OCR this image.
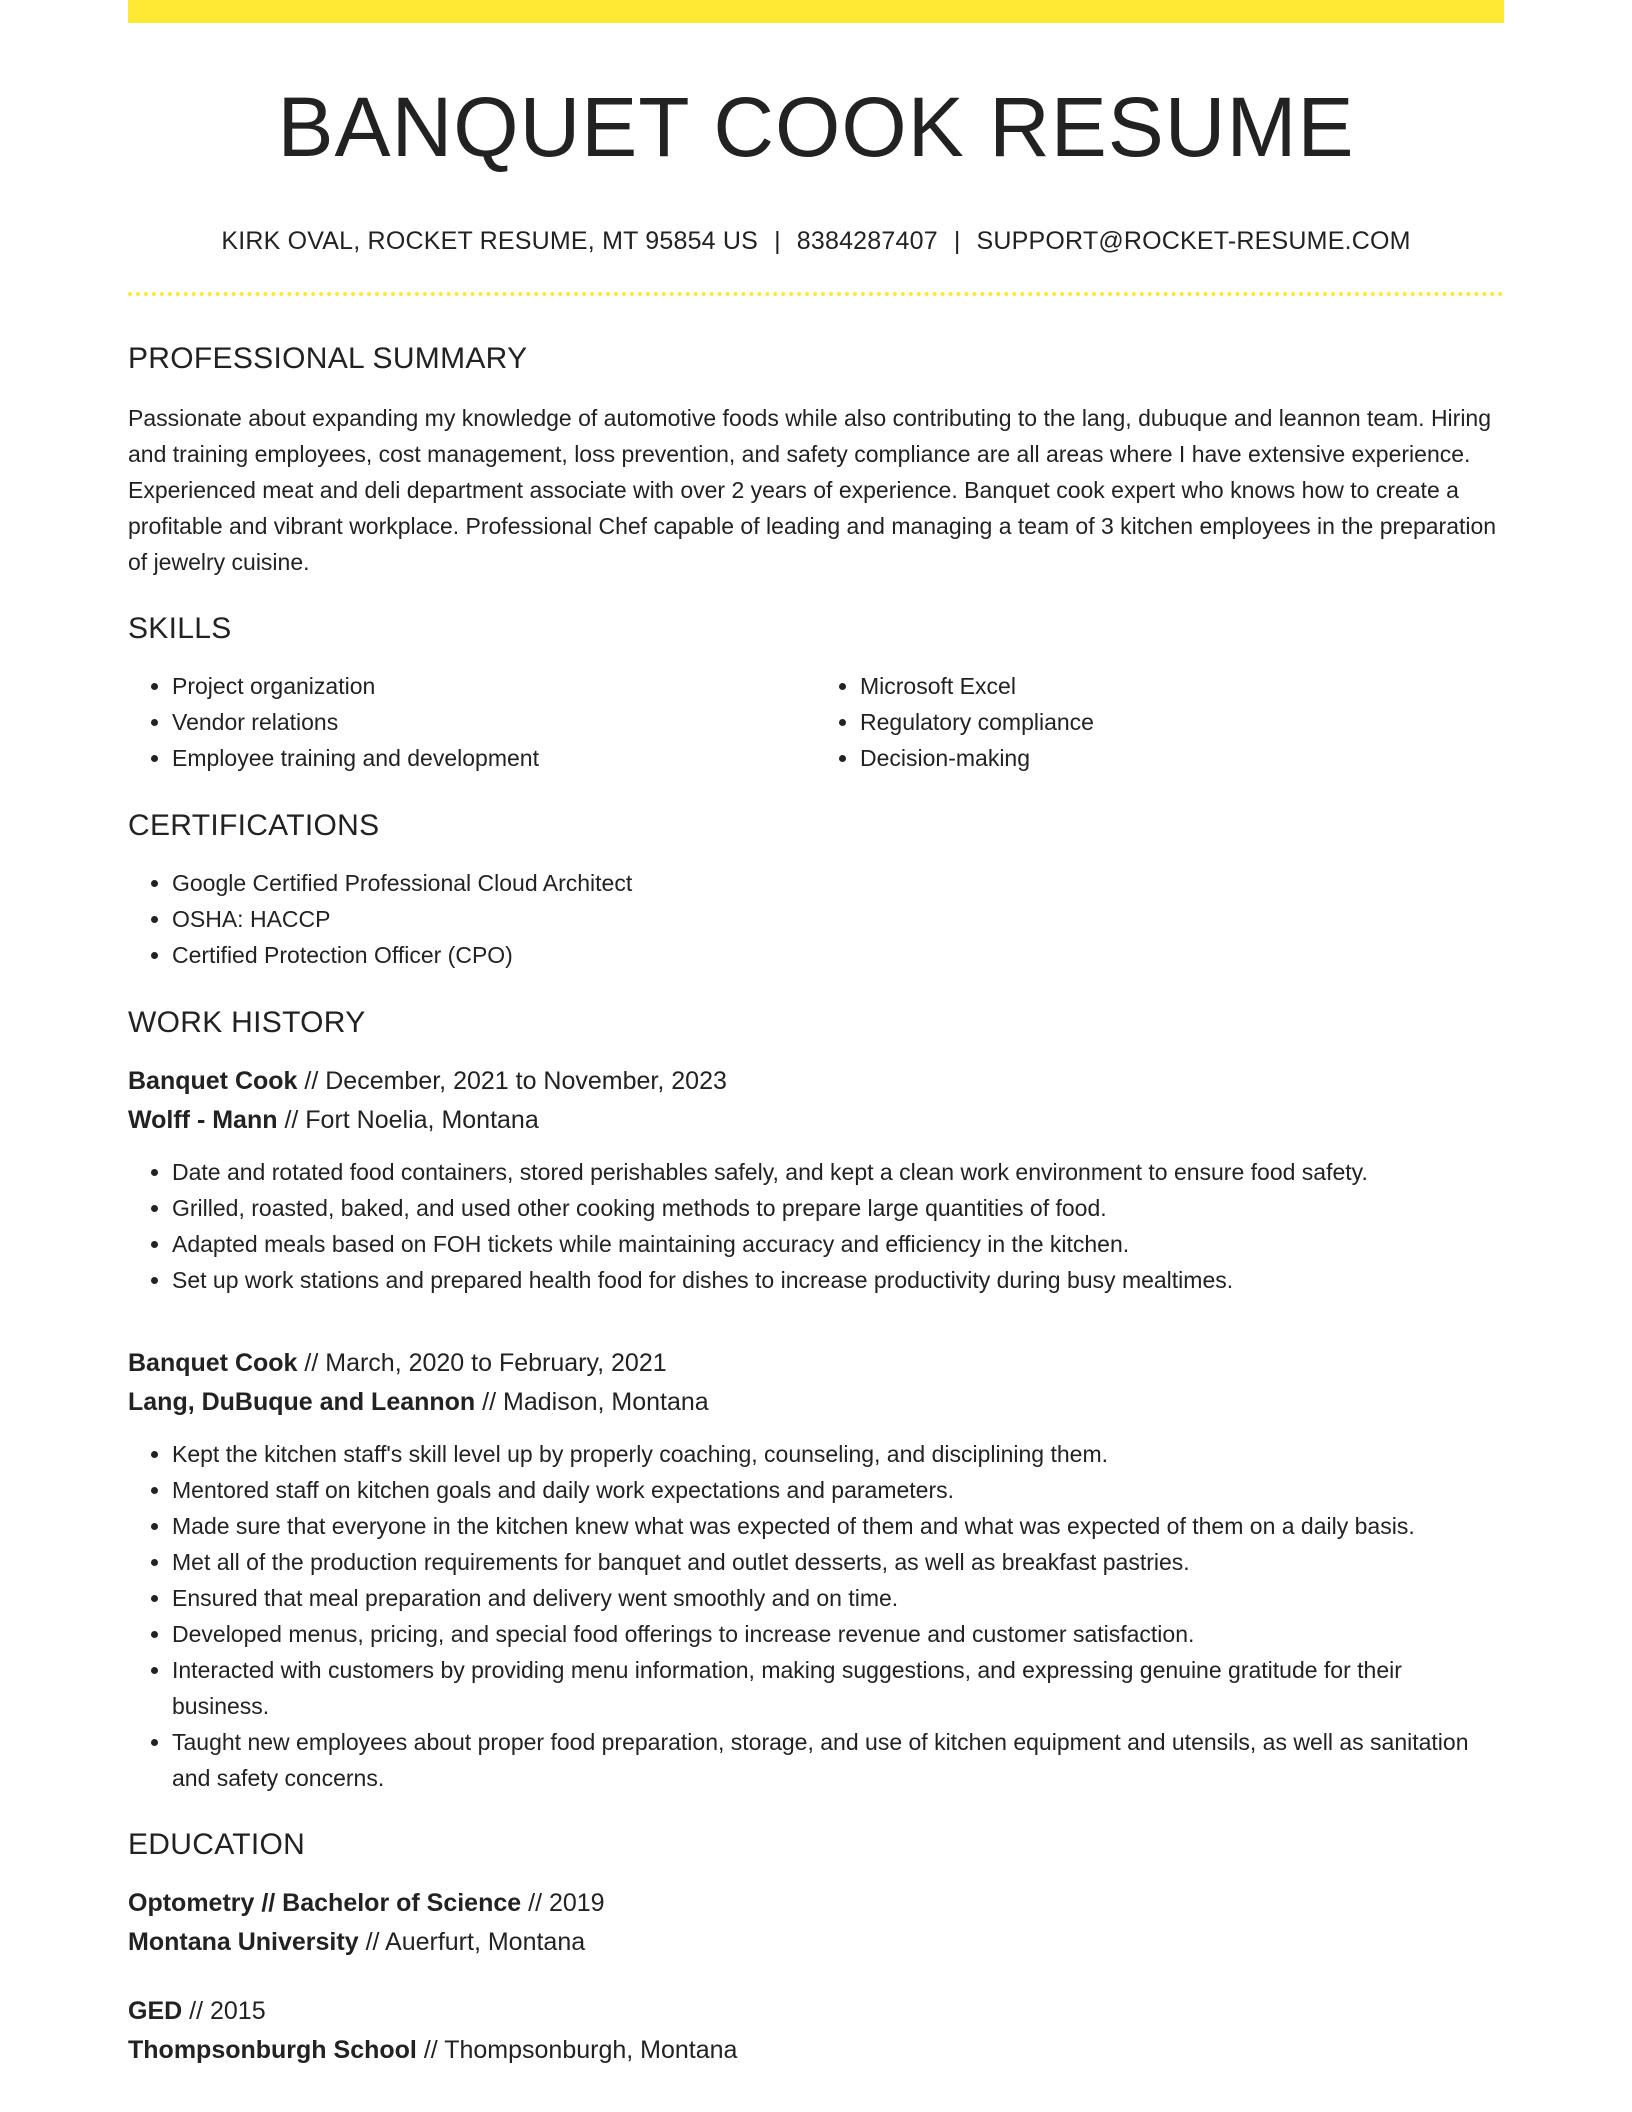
BANQUET COOK RESUME
KIRK OVAL, ROCKET RESUME, MT 95854 US | 8384287407 | SUPPORT@ROCKET-RESUME.COM
PROFESSIONAL SUMMARY

Passionate about expanding my knowledge of automotive foods while also contributing to the lang, dubuque and leannon team. Hiring and training employees, cost management, loss prevention, and safety compliance are all areas where I have extensive experience. Experienced meat and deli department associate with over 2 years of experience. Banquet cook expert who knows how to create a profitable and vibrant workplace. Professional Chef capable of leading and managing a team of 3 kitchen employees in the preparation of jewelry cuisine.

SKILLS
• Project organization
• Vendor relations
• Employee training and development
• Microsoft Excel
• Regulatory compliance
• Decision-making
CERTIFICATIONS
• Google Certified Professional Cloud Architect
• OSHA: HACCP
• Certified Protection Officer (CPO)
WORK HISTORY
Banquet Cook // December, 2021 to November, 2023
Wolff - Mann // Fort Noelia, Montana
• Date and rotated food containers, stored perishables safely, and kept a clean work environment to ensure food safety.
• Grilled, roasted, baked, and used other cooking methods to prepare large quantities of food.
• Adapted meals based on FOH tickets while maintaining accuracy and efficiency in the kitchen.
• Set up work stations and prepared health food for dishes to increase productivity during busy mealtimes.
Banquet Cook // March, 2020 to February, 2021
Lang, DuBuque and Leannon // Madison, Montana
• Kept the kitchen staff's skill level up by properly coaching, counseling, and disciplining them.
• Mentored staff on kitchen goals and daily work expectations and parameters.
• Made sure that everyone in the kitchen knew what was expected of them and what was expected of them on a daily basis.
• Met all of the production requirements for banquet and outlet desserts, as well as breakfast pastries.
• Ensured that meal preparation and delivery went smoothly and on time.
• Developed menus, pricing, and special food offerings to increase revenue and customer satisfaction.
• Interacted with customers by providing menu information, making suggestions, and expressing genuine gratitude for their business.
• Taught new employees about proper food preparation, storage, and use of kitchen equipment and utensils, as well as sanitation and safety concerns.
EDUCATION
Optometry // Bachelor of Science // 2019
Montana University // Auerfurt, Montana
GED // 2015
Thompsonburgh School // Thompsonburgh, Montana
